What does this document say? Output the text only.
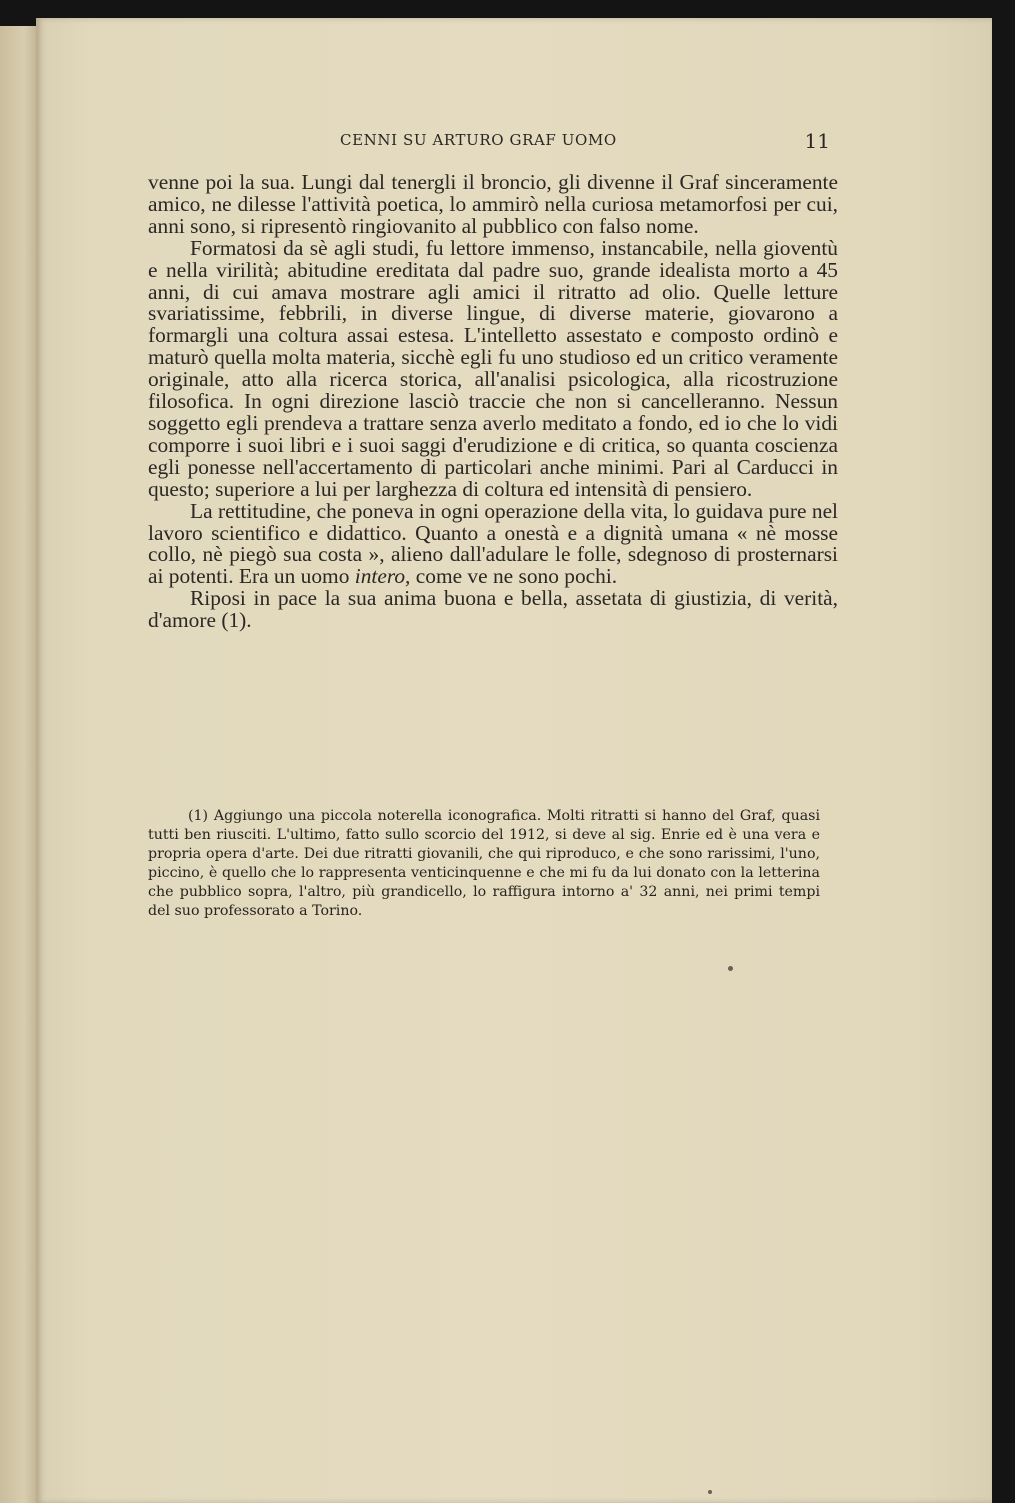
CENNI SU ARTURO GRAF UOMO	11

venne poi la sua. Lungi dal tenergli il broncio, gli divenne il Graf sinceramente amico, ne dilesse l'attività poetica, lo ammirò nella curiosa metamorfosi per cui, anni sono, si ripresentò ringiovanito al pubblico con falso nome.

Formatosi da sè agli studi, fu lettore immenso, instancabile, nella gioventù e nella virilità; abitudine ereditata dal padre suo, grande idealista morto a 45 anni, di cui amava mostrare agli amici il ritratto ad olio. Quelle letture svariatissime, febbrili, in diverse lingue, di diverse materie, giovarono a formargli una coltura assai estesa. L'intelletto assestato e composto ordinò e maturò quella molta materia, sicchè egli fu uno studioso ed un critico veramente originale, atto alla ricerca storica, all'analisi psicologica, alla ricostruzione filosofica. In ogni direzione lasciò traccie che non si cancelleranno. Nessun soggetto egli prendeva a trattare senza averlo meditato a fondo, ed io che lo vidi comporre i suoi libri e i suoi saggi d'erudizione e di critica, so quanta coscienza egli ponesse nell'accertamento di particolari anche minimi. Pari al Carducci in questo; superiore a lui per larghezza di coltura ed intensità di pensiero.

La rettitudine, che poneva in ogni operazione della vita, lo guidava pure nel lavoro scientifico e didattico. Quanto a onestà e a dignità umana « nè mosse collo, nè piegò sua costa », alieno dall'adulare le folle, sdegnoso di prosternarsi ai potenti. Era un uomo intero, come ve ne sono pochi.

Riposi in pace la sua anima buona e bella, assetata di giustizia, di verità, d'amore (1).

(1) Aggiungo una piccola noterella iconografica. Molti ritratti si hanno del Graf, quasi tutti ben riusciti. L'ultimo, fatto sullo scorcio del 1912, si deve al sig. Enrie ed è una vera e propria opera d'arte. Dei due ritratti giovanili, che qui riproduco, e che sono rarissimi, l'uno, piccino, è quello che lo rappresenta venticinquenne e che mi fu da lui donato con la letterina che pubblico sopra, l'altro, più grandicello, lo raffigura intorno a' 32 anni, nei primi tempi del suo professorato a Torino.
